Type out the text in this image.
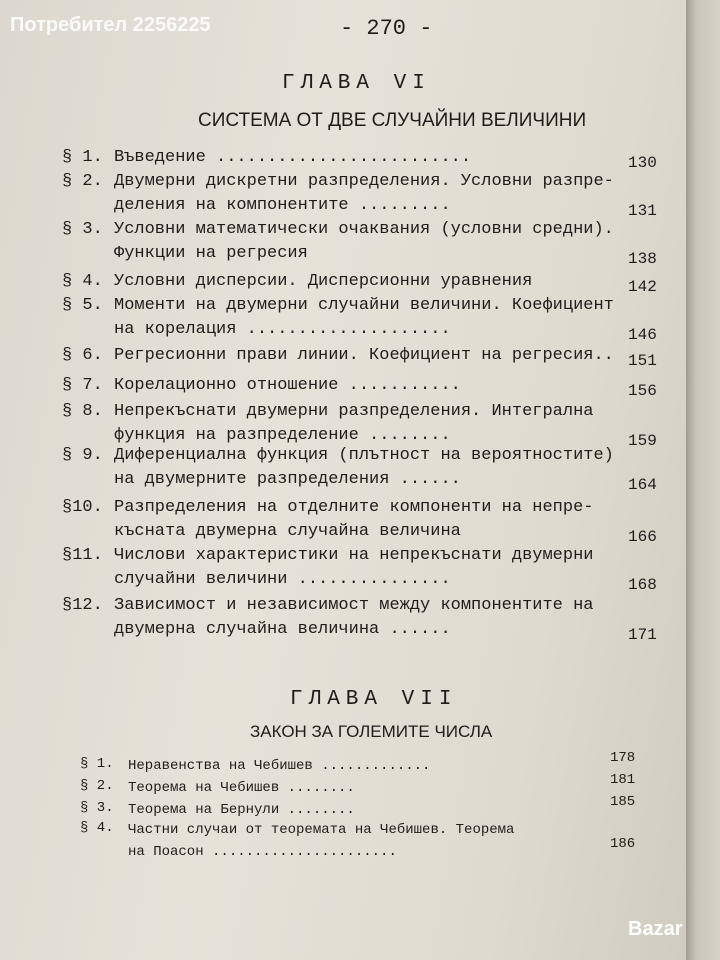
Потребител 2256225	- 270 -
ГЛАВА VI
СИСТЕМА ОТ ДВЕ СЛУЧАЙНИ ВЕЛИЧИНИ
§ 1. Въведение .........................	130
§ 2. Двумерни дискретни разпределения. Условни разпре-
деления на компонентите .........	131
§ 3. Условни математически очаквания (условни средни).
Функции на регресия	138
§ 4. Условни дисперсии. Дисперсионни уравнения	142
§ 5. Моменти на двумерни случайни величини. Коефициент
на корелация ....................	146
§ 6. Регресионни прави линии. Коефициент на регресия.. 151
§ 7. Корелационно отношение ...........	156
§ 8. Непрекъснати двумерни разпределения. Интегрална
функция на разпределение ........	159
§ 9. Диференциална функция (плътност на вероятностите)
на двумерните разпределения ......	164
§10. Разпределения на отделните компоненти на непре-
къснатa двумерна случайна величина	166
§11. Числови характеристики на непрекъснати двумерни
случайни величини ...............	168
§12. Зависимост и независимост между компонентите на
двумерна случайна величина ......	171
ГЛАВА VII
ЗАКОН ЗА ГОЛЕМИТЕ ЧИСЛА
§ 1. Неравенства на Чебишев .............	178
§ 2. Теорема на Чебишев ........	181
§ 3. Теорема на Бернули ........	185
§ 4. Частни случаи от теоремата на Чебишев. Теорема
на Поасон ......................	186
Bazar
